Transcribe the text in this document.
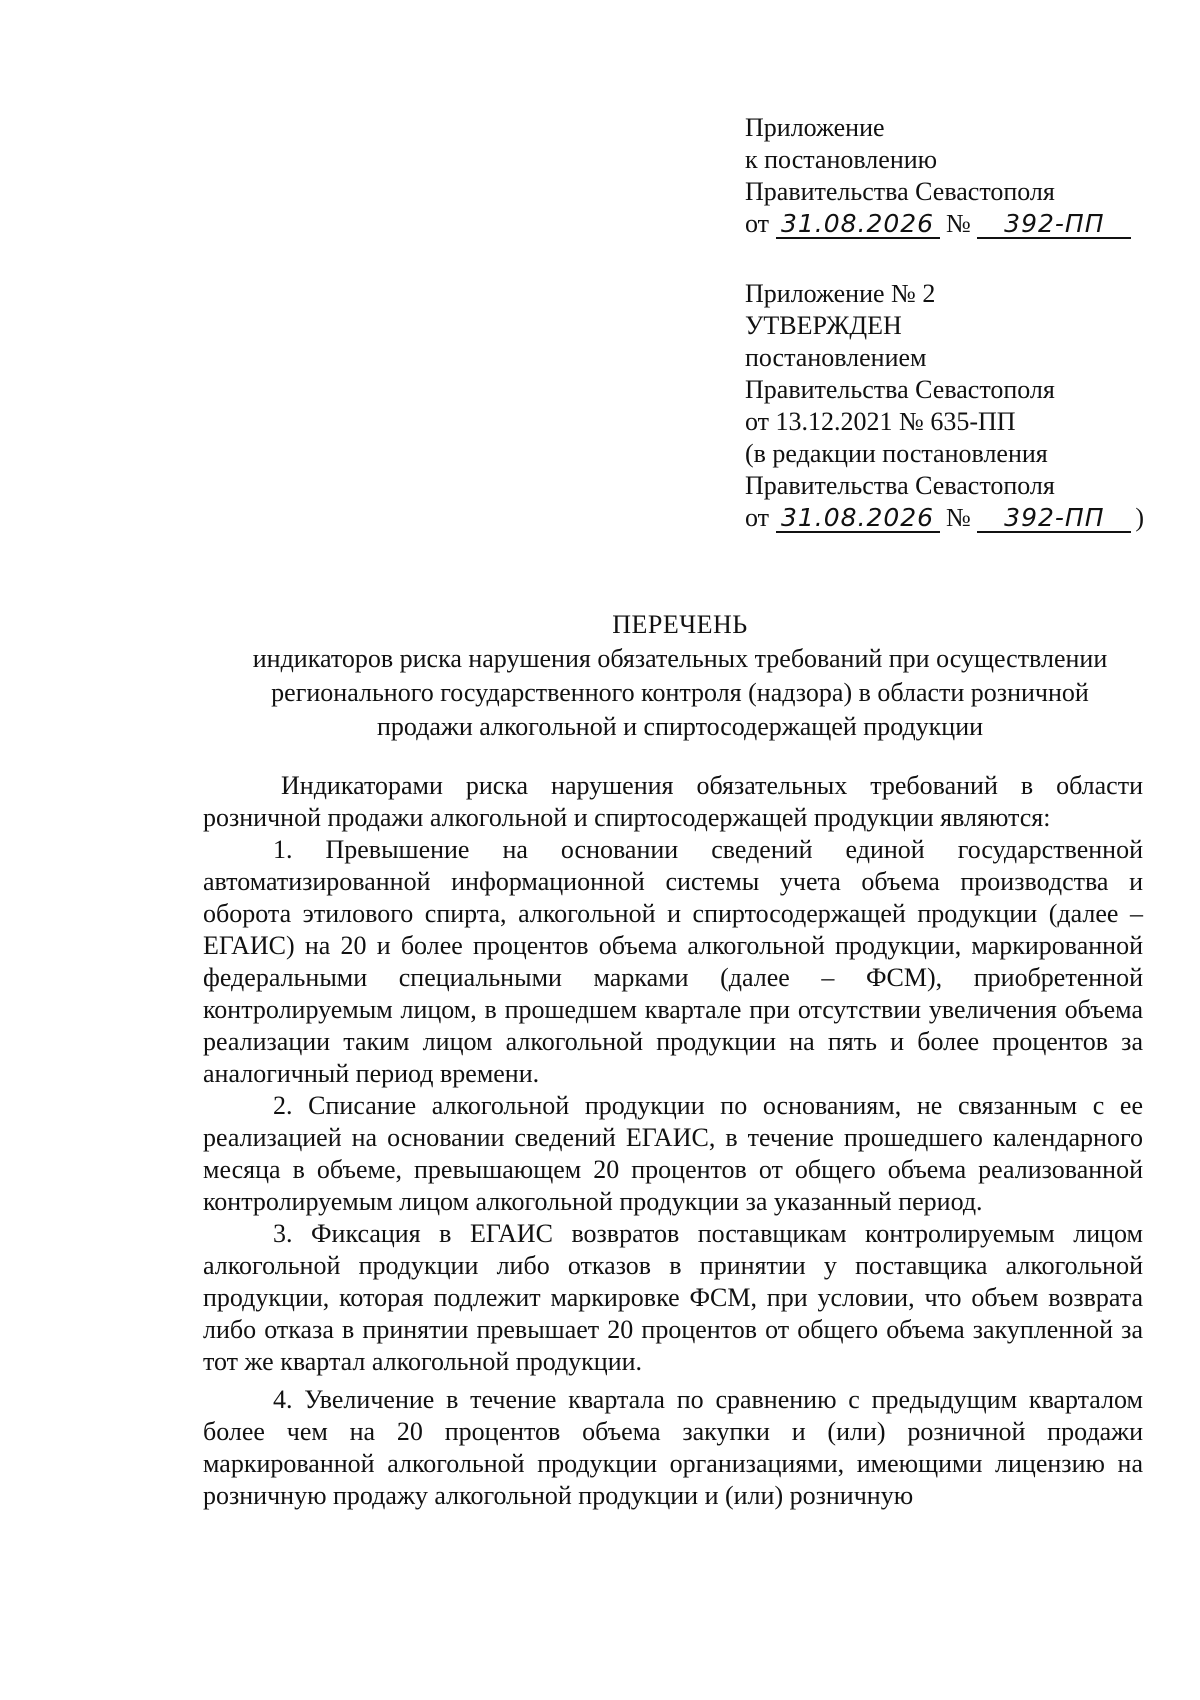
Приложение
к постановлению
Правительства Севастополя
от 31.08.2026 № 392-ПП
Приложение № 2
УТВЕРЖДЕН
постановлением
Правительства Севастополя
от 13.12.2021 № 635-ПП
(в редакции постановления
Правительства Севастополя
от 31.08.2026 № 392-ПП )
ПЕРЕЧЕНЬ
индикаторов риска нарушения обязательных требований при осуществлении
регионального государственного контроля (надзора) в области розничной
продажи алкогольной и спиртосодержащей продукции

Индикаторами риска нарушения обязательных требований в области розничной продажи алкогольной и спиртосодержащей продукции являются:

1. Превышение на основании сведений единой государственной автоматизированной информационной системы учета объема производства и оборота этилового спирта, алкогольной и спиртосодержащей продукции (далее – ЕГАИС) на 20 и более процентов объема алкогольной продукции, маркированной федеральными специальными марками (далее – ФСМ), приобретенной контролируемым лицом, в прошедшем квартале при отсутствии увеличения объема реализации таким лицом алкогольной продукции на пять и более процентов за аналогичный период времени.

2. Списание алкогольной продукции по основаниям, не связанным с ее реализацией на основании сведений ЕГАИС, в течение прошедшего календарного месяца в объеме, превышающем 20 процентов от общего объема реализованной контролируемым лицом алкогольной продукции за указанный период.

3. Фиксация в ЕГАИС возвратов поставщикам контролируемым лицом алкогольной продукции либо отказов в принятии у поставщика алкогольной продукции, которая подлежит маркировке ФСМ, при условии, что объем возврата либо отказа в принятии превышает 20 процентов от общего объема закупленной за тот же квартал алкогольной продукции.

4. Увеличение в течение квартала по сравнению с предыдущим кварталом более чем на 20 процентов объема закупки и (или) розничной продажи маркированной алкогольной продукции организациями, имеющими лицензию на розничную продажу алкогольной продукции и (или) розничную
